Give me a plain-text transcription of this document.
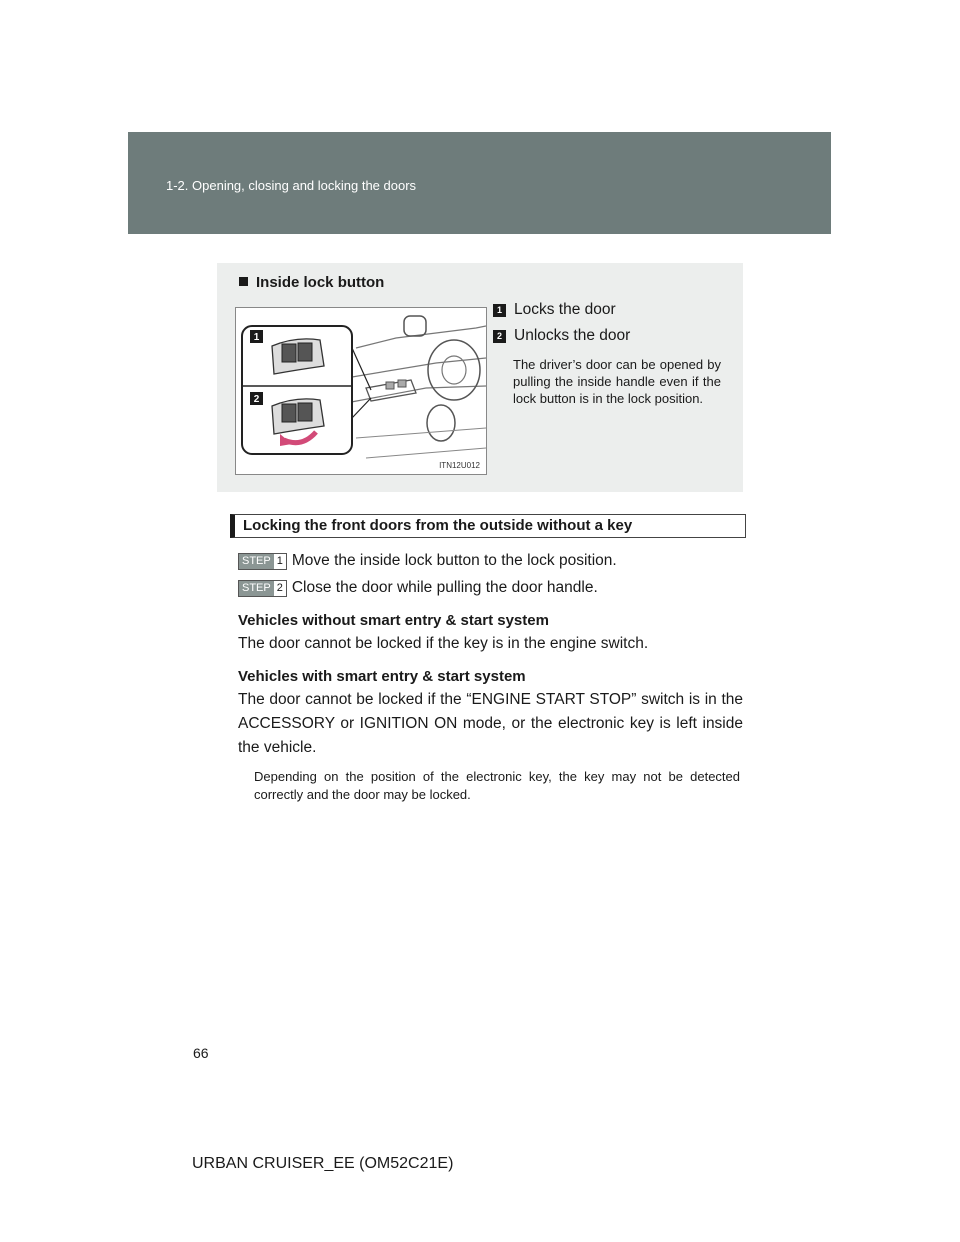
1-2. Opening, closing and locking the doors
Inside lock button
1
2
ITN12U012
1 Locks the door
2 Unlocks the door
The driver’s door can be opened by pulling the inside handle even if the lock button is in the lock position.
Locking the front doors from the outside without a key
STEP 1 Move the inside lock button to the lock position.
STEP 2 Close the door while pulling the door handle.
Vehicles without smart entry & start system
The door cannot be locked if the key is in the engine switch.
Vehicles with smart entry & start system
The door cannot be locked if the “ENGINE START STOP” switch is in the ACCESSORY or IGNITION ON mode, or the electronic key is left inside the vehicle.
Depending on the position of the electronic key, the key may not be detected correctly and the door may be locked.
66
URBAN CRUISER_EE (OM52C21E)
